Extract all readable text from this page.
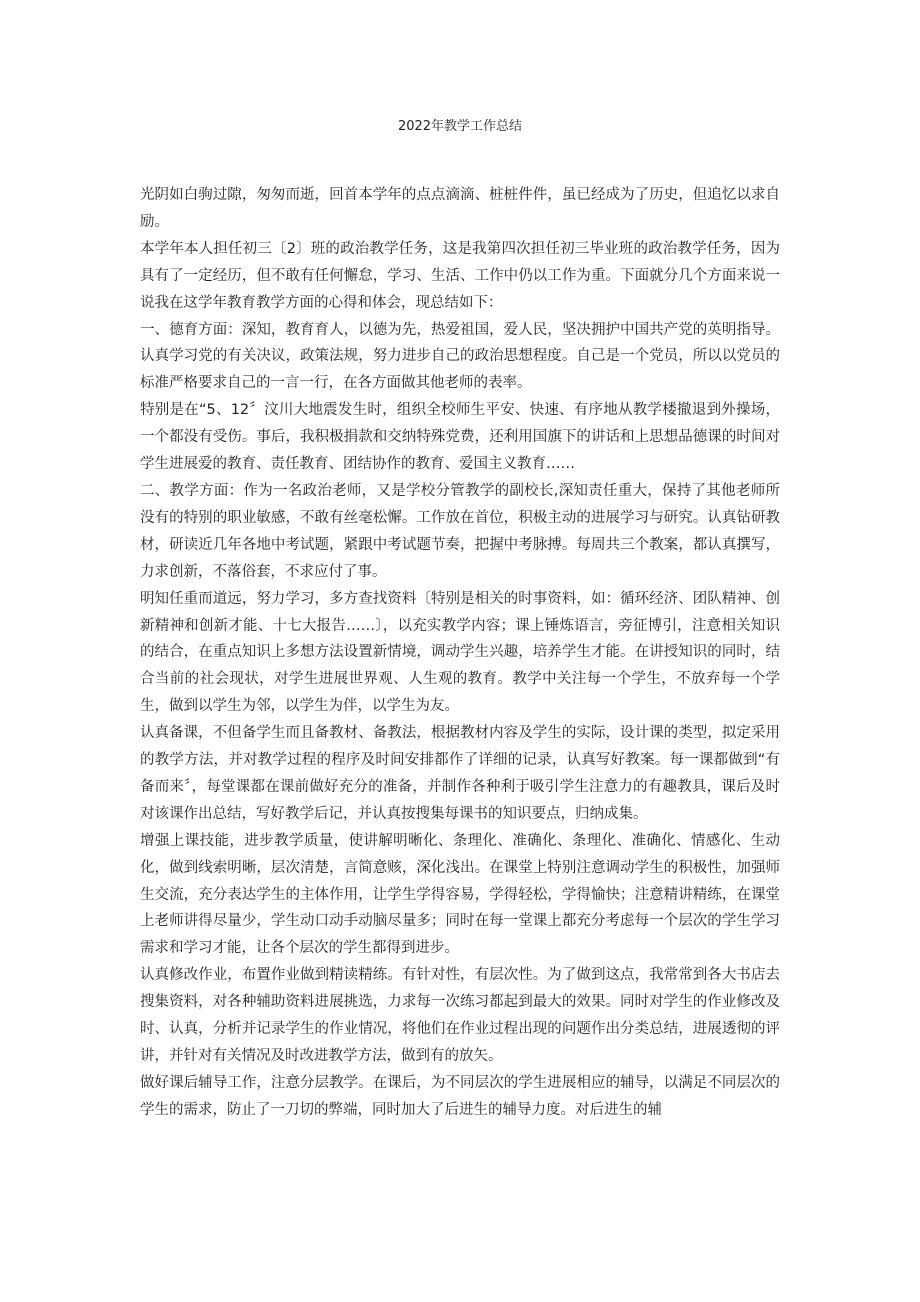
2022年教学工作总结

光阴如白驹过隙，匆匆而逝，回首本学年的点点滴滴、桩桩件件，虽已经成为了历史，但追忆以求自励。

本学年本人担任初三〔2〕班的政治教学任务，这是我第四次担任初三毕业班的政治教学任务，因为具有了一定经历，但不敢有任何懈怠，学习、生活、工作中仍以工作为重。下面就分几个方面来说一说我在这学年教育教学方面的心得和体会，现总结如下：

一、德育方面：深知，教育育人，以德为先，热爱祖国，爱人民，坚决拥护中国共产党的英明指导。认真学习党的有关决议，政策法规，努力进步自己的政治思想程度。自己是一个党员，所以以党员的标准严格要求自己的一言一行，在各方面做其他老师的表率。

特别是在“5、12〞汶川大地震发生时，组织全校师生平安、快速、有序地从教学楼撤退到外操场，一个都没有受伤。事后，我积极捐款和交纳特殊党费，还利用国旗下的讲话和上思想品德课的时间对学生进展爱的教育、责任教育、团结协作的教育、爱国主义教育……

二、教学方面：作为一名政治老师，又是学校分管教学的副校长,深知责任重大，保持了其他老师所没有的特别的职业敏感，不敢有丝毫松懈。工作放在首位，积极主动的进展学习与研究。认真钻研教材，研读近几年各地中考试题，紧跟中考试题节奏，把握中考脉搏。每周共三个教案，都认真撰写，力求创新，不落俗套，不求应付了事。

明知任重而道远，努力学习，多方查找资料〔特别是相关的时事资料，如：循环经济、团队精神、创新精神和创新才能、十七大报告……〕，以充实教学内容；课上锤炼语言，旁征博引，注意相关知识的结合，在重点知识上多想方法设置新情境，调动学生兴趣，培养学生才能。在讲授知识的同时，结合当前的社会现状，对学生进展世界观、人生观的教育。教学中关注每一个学生，不放弃每一个学生，做到以学生为邻，以学生为伴，以学生为友。

认真备课，不但备学生而且备教材、备教法，根据教材内容及学生的实际，设计课的类型，拟定采用的教学方法，并对教学过程的程序及时间安排都作了详细的记录，认真写好教案。每一课都做到“有备而来〞，每堂课都在课前做好充分的准备，并制作各种利于吸引学生注意力的有趣教具，课后及时对该课作出总结，写好教学后记，并认真按搜集每课书的知识要点，归纳成集。

增强上课技能，进步教学质量，使讲解明晰化、条理化、准确化、条理化、准确化、情感化、生动化，做到线索明晰，层次清楚，言简意赅，深化浅出。在课堂上特别注意调动学生的积极性，加强师生交流，充分表达学生的主体作用，让学生学得容易，学得轻松，学得愉快；注意精讲精练，在课堂上老师讲得尽量少，学生动口动手动脑尽量多；同时在每一堂课上都充分考虑每一个层次的学生学习需求和学习才能，让各个层次的学生都得到进步。

认真修改作业，布置作业做到精读精练。有针对性，有层次性。为了做到这点，我常常到各大书店去搜集资料，对各种辅助资料进展挑选，力求每一次练习都起到最大的效果。同时对学生的作业修改及时、认真，分析并记录学生的作业情况，将他们在作业过程出现的问题作出分类总结，进展透彻的评讲，并针对有关情况及时改进教学方法，做到有的放矢。

做好课后辅导工作，注意分层教学。在课后，为不同层次的学生进展相应的辅导，以满足不同层次的学生的需求，防止了一刀切的弊端，同时加大了后进生的辅导力度。对后进生的辅
